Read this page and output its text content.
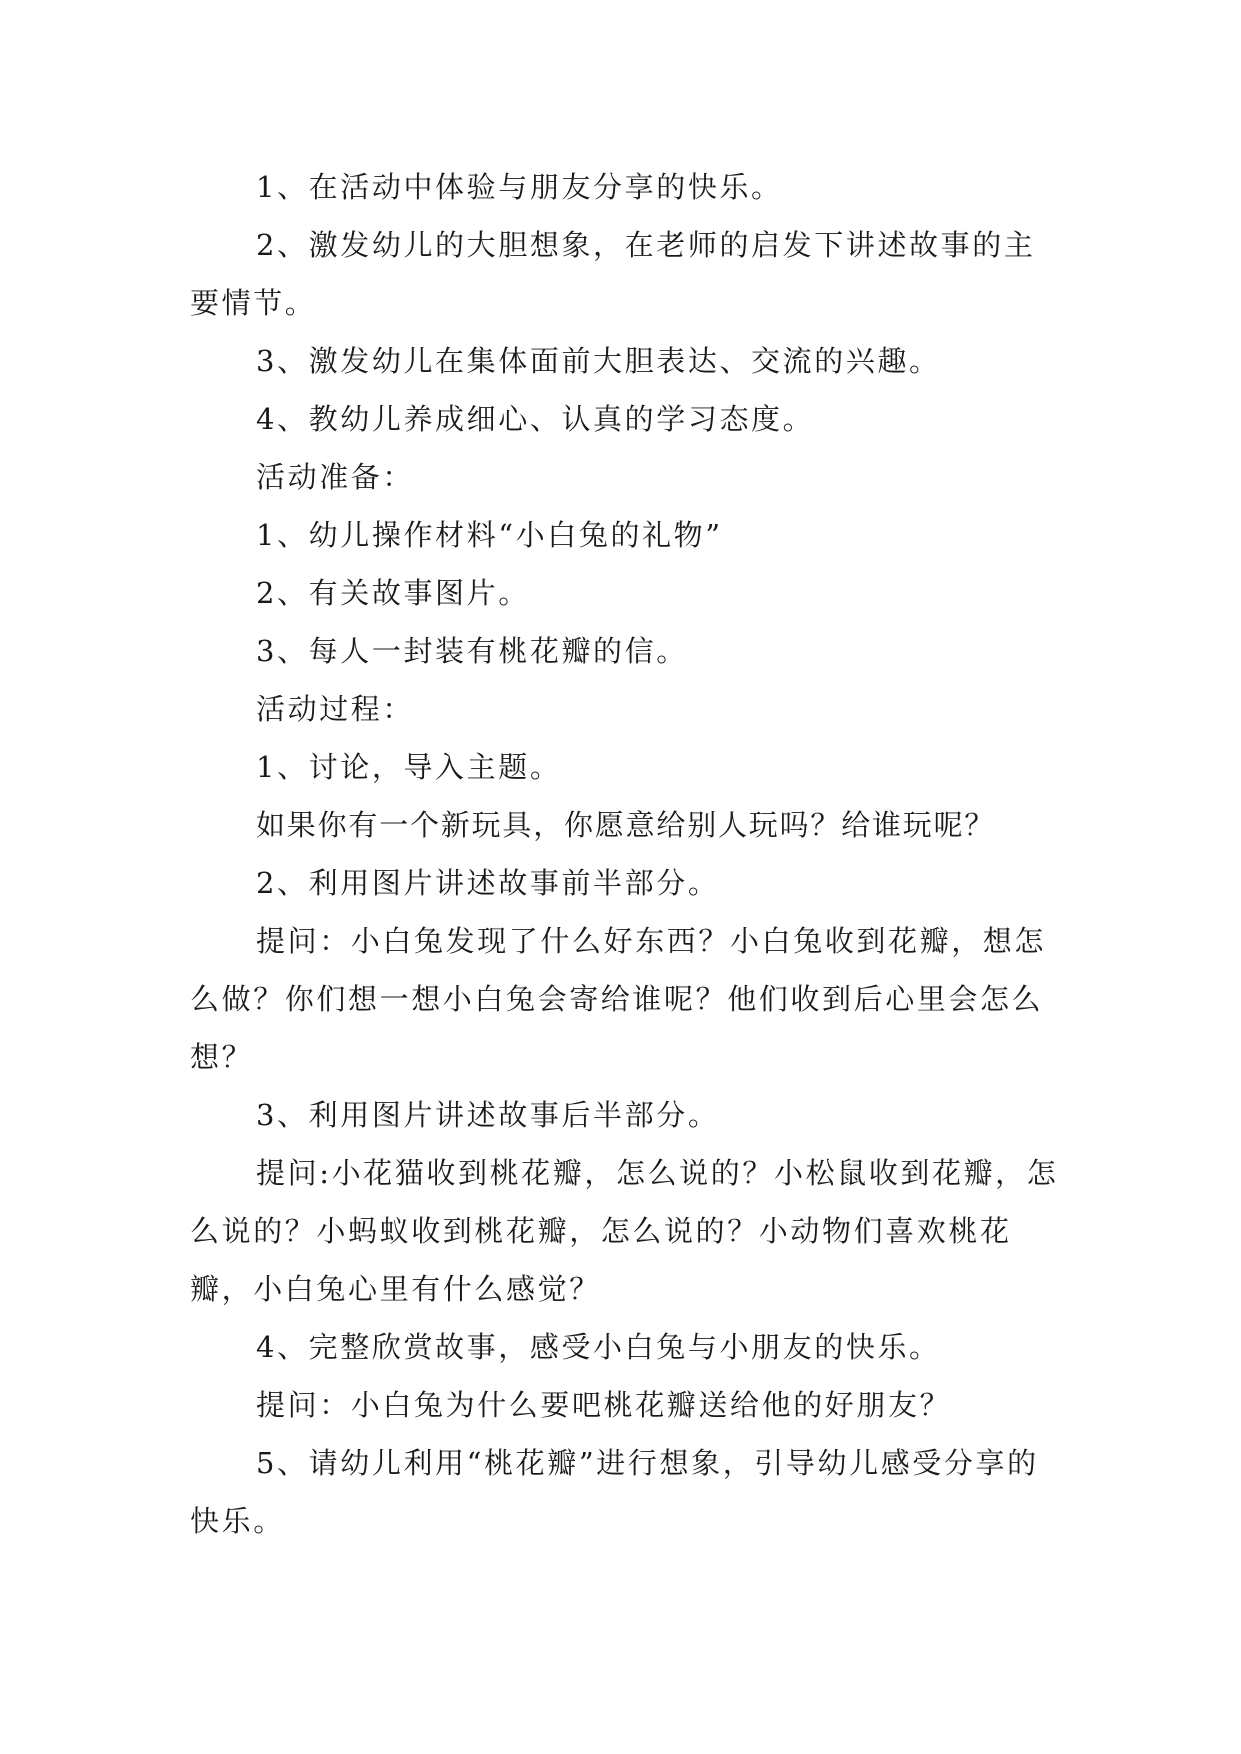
1、在活动中体验与朋友分享的快乐。

2、激发幼儿的大胆想象，在老师的启发下讲述故事的主要情节。

3、激发幼儿在集体面前大胆表达、交流的兴趣。

4、教幼儿养成细心、认真的学习态度。

活动准备：

1、幼儿操作材料“小白兔的礼物”

2、有关故事图片。

3、每人一封装有桃花瓣的信。

活动过程：

1、讨论，导入主题。

如果你有一个新玩具，你愿意给别人玩吗？给谁玩呢？

2、利用图片讲述故事前半部分。

提问：小白兔发现了什么好东西？小白兔收到花瓣，想怎么做？你们想一想小白兔会寄给谁呢？他们收到后心里会怎么想？

3、利用图片讲述故事后半部分。

提问:小花猫收到桃花瓣，怎么说的？小松鼠收到花瓣，怎么说的？小蚂蚁收到桃花瓣，怎么说的？小动物们喜欢桃花瓣，小白兔心里有什么感觉？

4、完整欣赏故事，感受小白兔与小朋友的快乐。

提问：小白兔为什么要吧桃花瓣送给他的好朋友？

5、请幼儿利用“桃花瓣”进行想象，引导幼儿感受分享的快乐。
